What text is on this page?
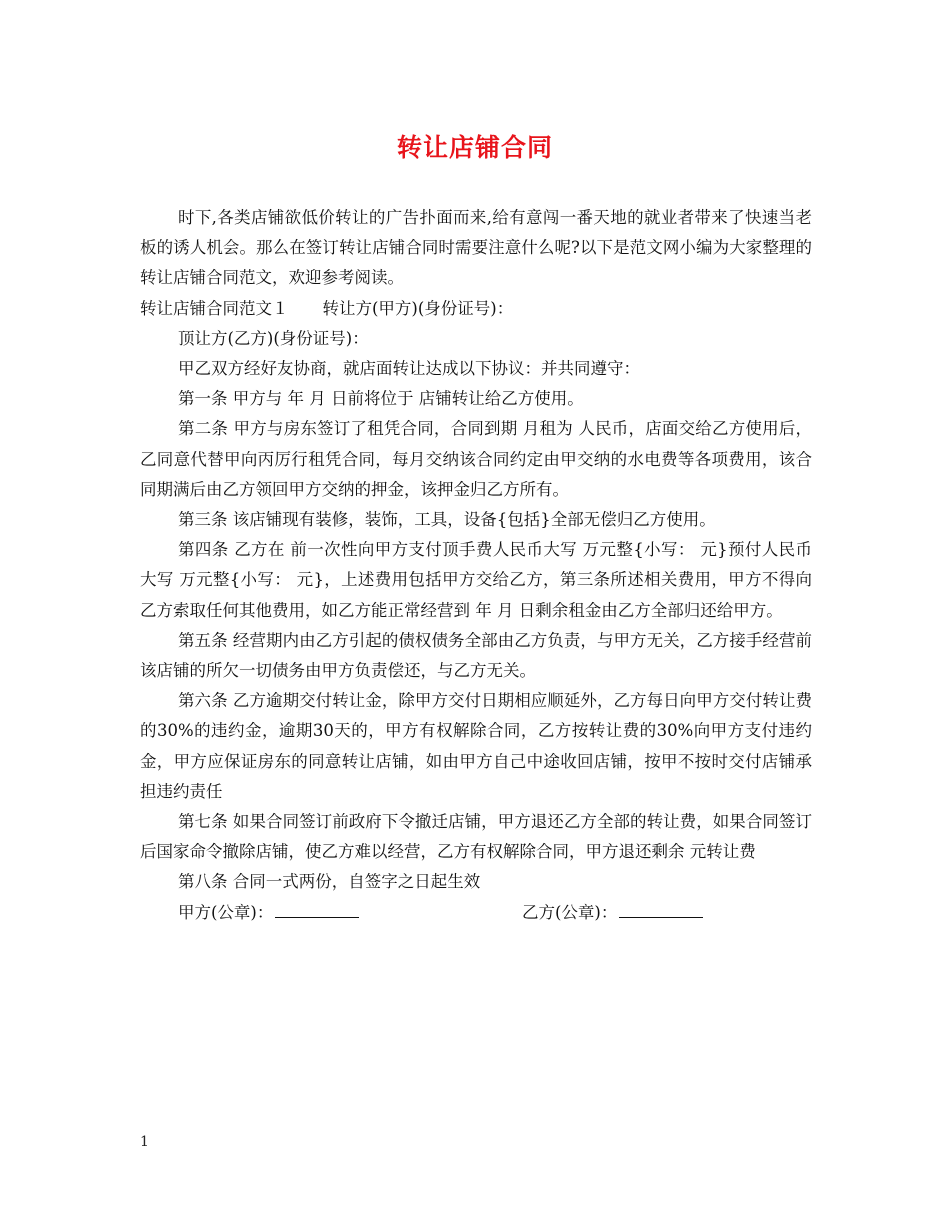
转让店铺合同

时下,各类店铺欲低价转让的广告扑面而来,给有意闯一番天地的就业者带来了快速当老板的诱人机会。那么在签订转让店铺合同时需要注意什么呢?以下是范文网小编为大家整理的转让店铺合同范文，欢迎参考阅读。

转让店铺合同范文１ 转让方(甲方)(身份证号)：

顶让方(乙方)(身份证号)：

甲乙双方经好友协商，就店面转让达成以下协议：并共同遵守：

第一条 甲方与 年 月 日前将位于 店铺转让给乙方使用。

第二条 甲方与房东签订了租凭合同，合同到期 月租为 人民币，店面交给乙方使用后，乙同意代替甲向丙厉行租凭合同，每月交纳该合同约定由甲交纳的水电费等各项费用，该合同期满后由乙方领回甲方交纳的押金，该押金归乙方所有。

第三条 该店铺现有装修，装饰，工具，设备{包括}全部无偿归乙方使用。

第四条 乙方在 前一次性向甲方支付顶手费人民币大写 万元整{小写： 元}预付人民币大写 万元整{小写： 元}，上述费用包括甲方交给乙方，第三条所述相关费用，甲方不得向乙方索取任何其他费用，如乙方能正常经营到 年 月 日剩余租金由乙方全部归还给甲方。

第五条 经营期内由乙方引起的债权债务全部由乙方负责，与甲方无关，乙方接手经营前该店铺的所欠一切债务由甲方负责偿还，与乙方无关。

第六条 乙方逾期交付转让金，除甲方交付日期相应顺延外，乙方每日向甲方交付转让费的30%的违约金，逾期30天的，甲方有权解除合同，乙方按转让费的30%向甲方支付违约金，甲方应保证房东的同意转让店铺，如由甲方自己中途收回店铺，按甲不按时交付店铺承担违约责任

第七条 如果合同签订前政府下令撤迁店铺，甲方退还乙方全部的转让费，如果合同签订后国家命令撤除店铺，使乙方难以经营，乙方有权解除合同，甲方退还剩余 元转让费

第八条 合同一式两份，自签字之日起生效

甲方(公章)：	乙方(公章)：
1
